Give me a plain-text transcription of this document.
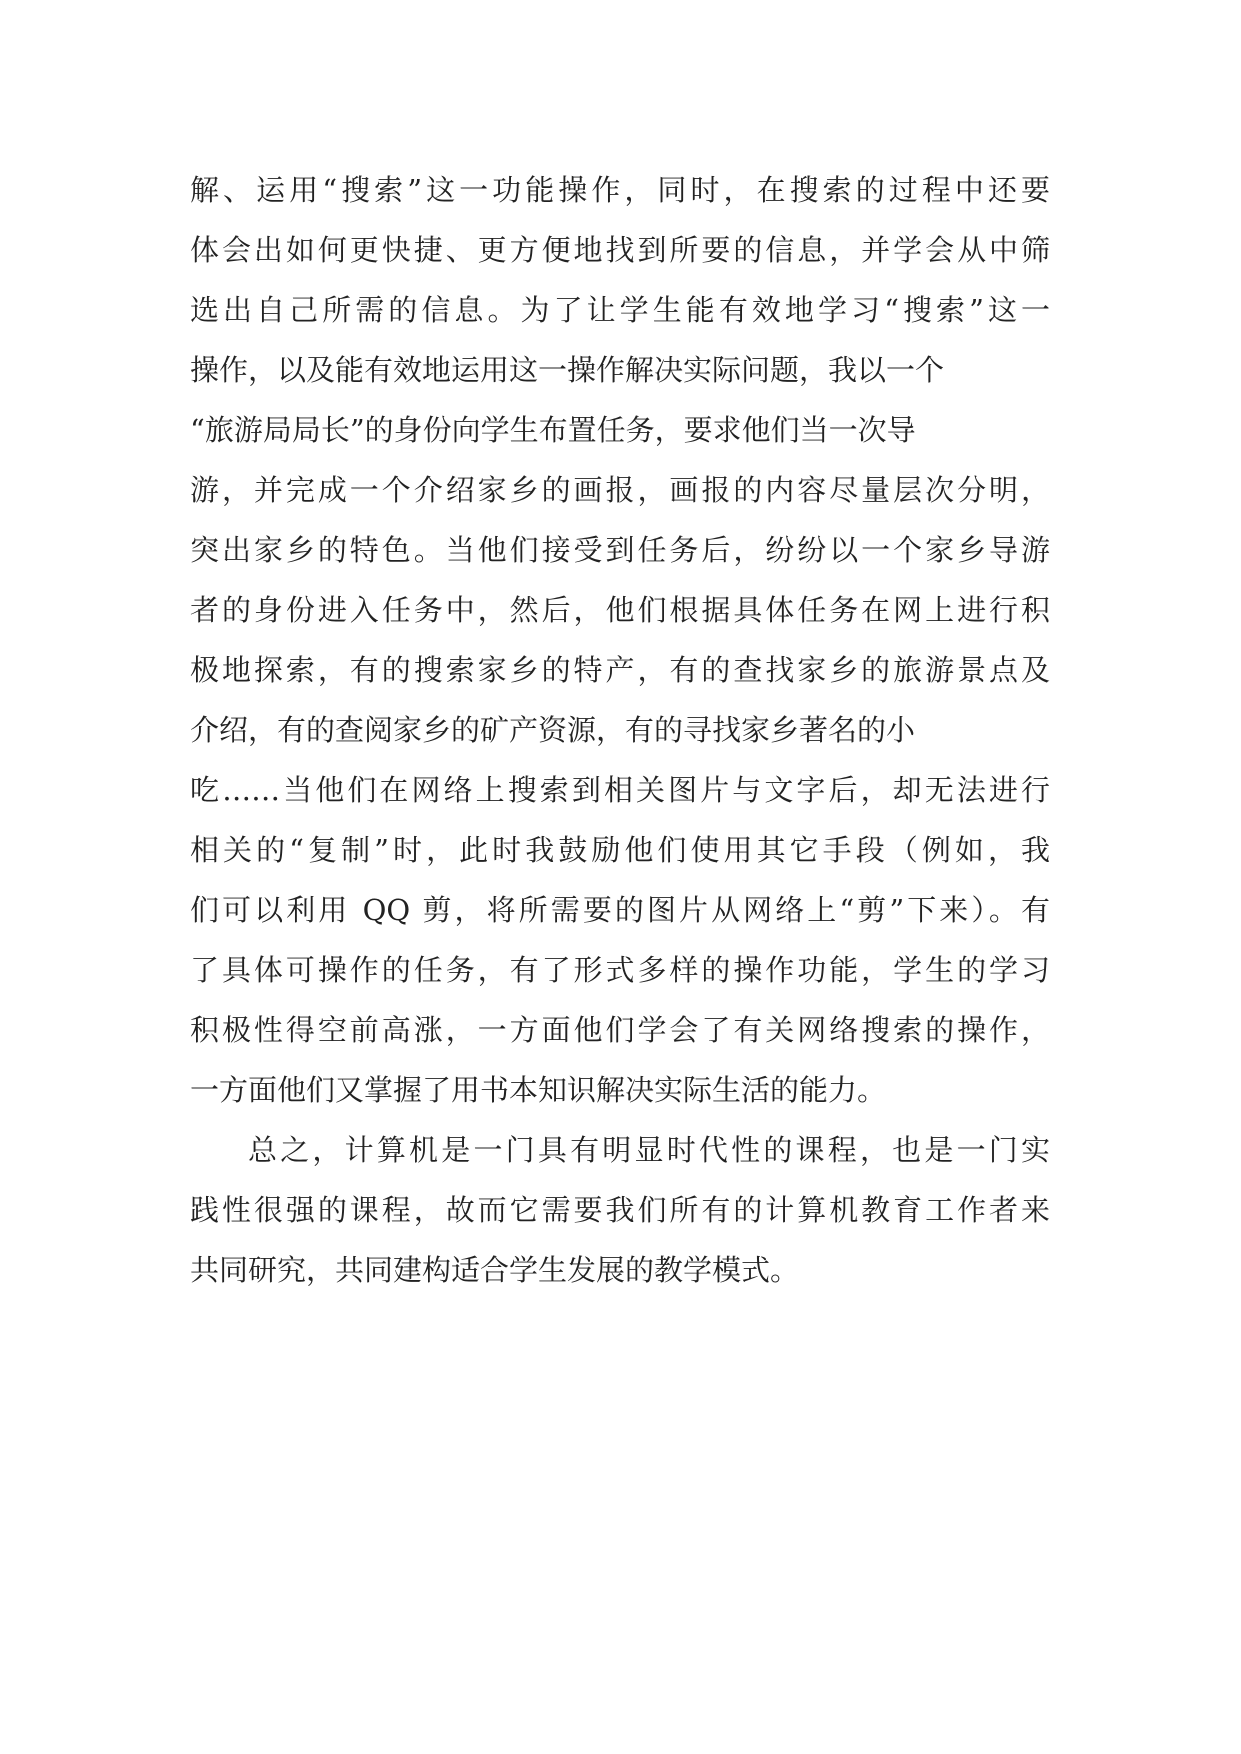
解、运用“搜索”这一功能操作，同时，在搜索的过程中还要
体会出如何更快捷、更方便地找到所要的信息，并学会从中筛
选出自己所需的信息。为了让学生能有效地学习“搜索”这一
操作，以及能有效地运用这一操作解决实际问题，我以一个
“旅游局局长”的身份向学生布置任务，要求他们当一次导
游，并完成一个介绍家乡的画报，画报的内容尽量层次分明，
突出家乡的特色。当他们接受到任务后，纷纷以一个家乡导游
者的身份进入任务中，然后，他们根据具体任务在网上进行积
极地探索，有的搜索家乡的特产，有的查找家乡的旅游景点及
介绍，有的查阅家乡的矿产资源，有的寻找家乡著名的小
吃……当他们在网络上搜索到相关图片与文字后，却无法进行
相关的“复制”时，此时我鼓励他们使用其它手段（例如，我
们可以利用 QQ 剪，将所需要的图片从网络上“剪”下来）。有
了具体可操作的任务，有了形式多样的操作功能，学生的学习
积极性得空前高涨，一方面他们学会了有关网络搜索的操作，
一方面他们又掌握了用书本知识解决实际生活的能力。
总之，计算机是一门具有明显时代性的课程，也是一门实
践性很强的课程，故而它需要我们所有的计算机教育工作者来
共同研究，共同建构适合学生发展的教学模式。
